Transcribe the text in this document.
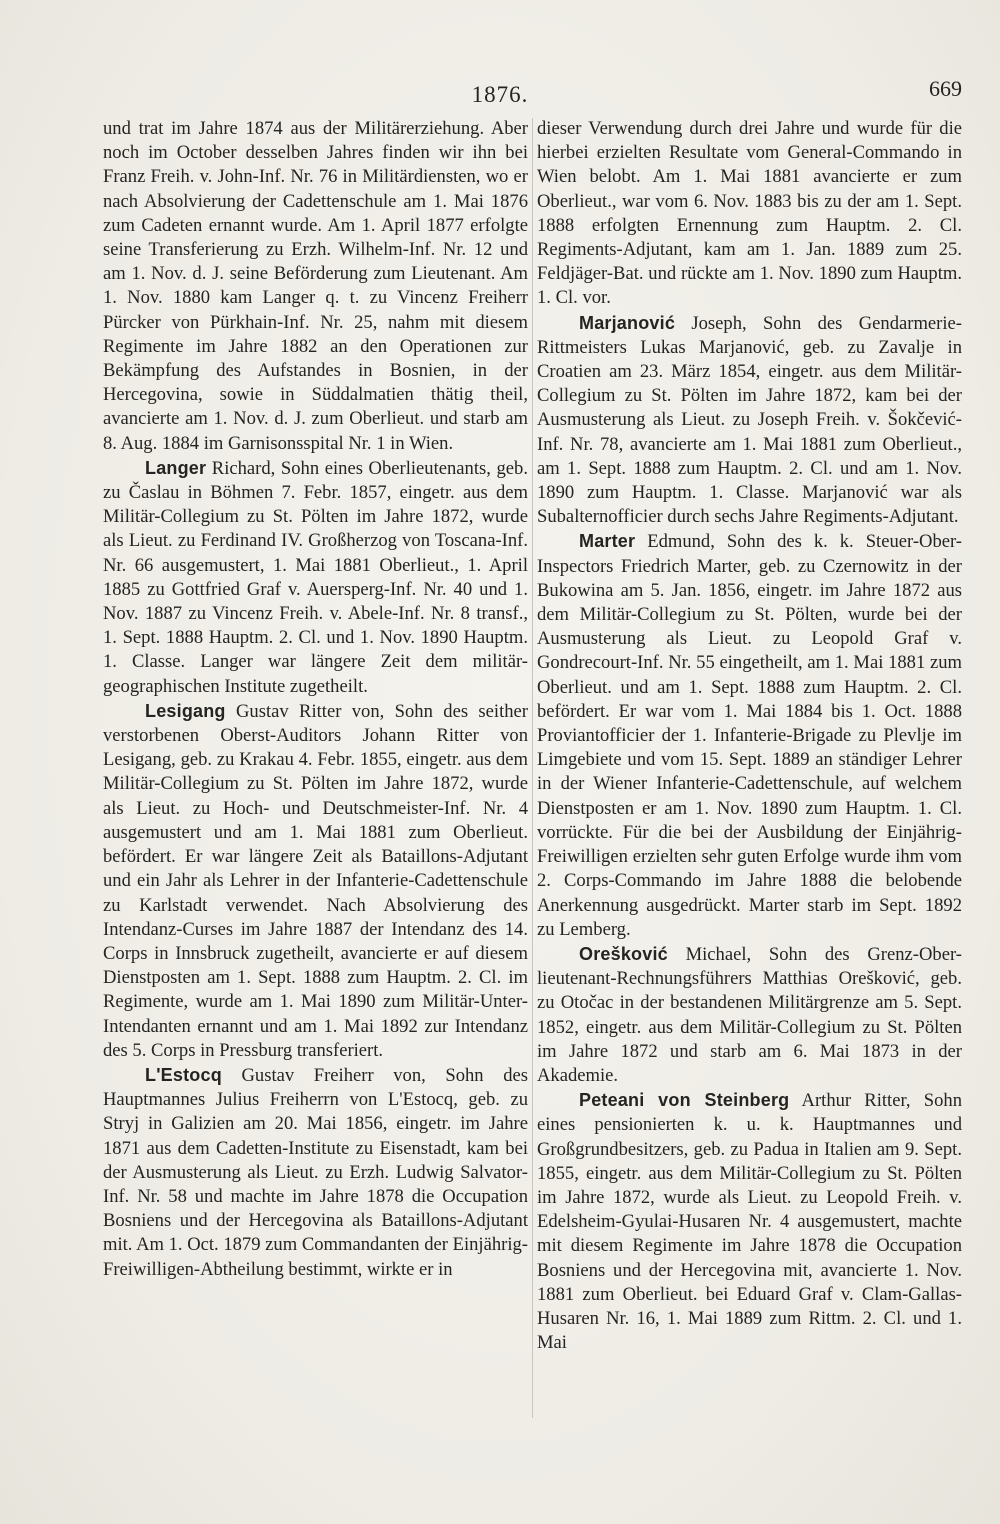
1876.	669

und trat im Jahre 1874 aus der Militärerziehung. Aber noch im October desselben Jahres finden wir ihn bei Franz Freih. v. John-Inf. Nr. 76 in Militärdiensten, wo er nach Absolvierung der Cadettenschule am 1. Mai 1876 zum Cadeten ernannt wurde. Am 1. April 1877 erfolgte seine Transferierung zu Erzh. Wilhelm-Inf. Nr. 12 und am 1. Nov. d. J. seine Beförderung zum Lieutenant. Am 1. Nov. 1880 kam Langer q. t. zu Vincenz Freiherr Pürcker von Pürkhain-Inf. Nr. 25, nahm mit diesem Regimente im Jahre 1882 an den Operationen zur Bekämpfung des Aufstandes in Bosnien, in der Hercegovina, sowie in Süddalmatien thätig theil, avancierte am 1. Nov. d. J. zum Oberlieut. und starb am 8. Aug. 1884 im Garnisonsspital Nr. 1 in Wien.

Langer Richard, Sohn eines Oberlieutenants, geb. zu Časlau in Böhmen 7. Febr. 1857, eingetr. aus dem Militär-Collegium zu St. Pölten im Jahre 1872, wurde als Lieut. zu Ferdinand IV. Großherzog von Toscana-Inf. Nr. 66 ausgemustert, 1. Mai 1881 Oberlieut., 1. April 1885 zu Gottfried Graf v. Auersperg-Inf. Nr. 40 und 1. Nov. 1887 zu Vincenz Freih. v. Abele-Inf. Nr. 8 transf., 1. Sept. 1888 Hauptm. 2. Cl. und 1. Nov. 1890 Hauptm. 1. Classe. Langer war längere Zeit dem militär-geographischen Institute zugetheilt.

Lesigang Gustav Ritter von, Sohn des seither verstorbenen Oberst-Auditors Johann Ritter von Lesigang, geb. zu Krakau 4. Febr. 1855, eingetr. aus dem Militär-Collegium zu St. Pölten im Jahre 1872, wurde als Lieut. zu Hoch- und Deutschmeister-Inf. Nr. 4 ausgemustert und am 1. Mai 1881 zum Oberlieut. befördert. Er war längere Zeit als Bataillons-Adjutant und ein Jahr als Lehrer in der Infanterie-Cadettenschule zu Karlstadt verwendet. Nach Absolvierung des Intendanz-Curses im Jahre 1887 der Intendanz des 14. Corps in Innsbruck zugetheilt, avancierte er auf diesem Dienstposten am 1. Sept. 1888 zum Hauptm. 2. Cl. im Regimente, wurde am 1. Mai 1890 zum Militär-Unter-Intendanten ernannt und am 1. Mai 1892 zur Intendanz des 5. Corps in Pressburg transferiert.

L'Estocq Gustav Freiherr von, Sohn des Hauptmannes Julius Freiherrn von L'Estocq, geb. zu Stryj in Galizien am 20. Mai 1856, eingetr. im Jahre 1871 aus dem Cadetten-Institute zu Eisenstadt, kam bei der Ausmusterung als Lieut. zu Erzh. Ludwig Salvator-Inf. Nr. 58 und machte im Jahre 1878 die Occupation Bosniens und der Hercegovina als Bataillons-Adjutant mit. Am 1. Oct. 1879 zum Commandanten der Einjährig-Freiwilligen-Abtheilung bestimmt, wirkte er in

dieser Verwendung durch drei Jahre und wurde für die hierbei erzielten Resultate vom General-Commando in Wien belobt. Am 1. Mai 1881 avancierte er zum Oberlieut., war vom 6. Nov. 1883 bis zu der am 1. Sept. 1888 erfolgten Ernennung zum Hauptm. 2. Cl. Regiments-Adjutant, kam am 1. Jan. 1889 zum 25. Feldjäger-Bat. und rückte am 1. Nov. 1890 zum Hauptm. 1. Cl. vor.

Marjanović Joseph, Sohn des Gendarmerie-Rittmeisters Lukas Marjanović, geb. zu Zavalje in Croatien am 23. März 1854, eingetr. aus dem Militär-Collegium zu St. Pölten im Jahre 1872, kam bei der Ausmusterung als Lieut. zu Joseph Freih. v. Šokčević-Inf. Nr. 78, avancierte am 1. Mai 1881 zum Oberlieut., am 1. Sept. 1888 zum Hauptm. 2. Cl. und am 1. Nov. 1890 zum Hauptm. 1. Classe. Marjanović war als Subalternofficier durch sechs Jahre Regiments-Adjutant.

Marter Edmund, Sohn des k. k. Steuer-Ober-Inspectors Friedrich Marter, geb. zu Czernowitz in der Bukowina am 5. Jan. 1856, eingetr. im Jahre 1872 aus dem Militär-Collegium zu St. Pölten, wurde bei der Ausmusterung als Lieut. zu Leopold Graf v. Gondrecourt-Inf. Nr. 55 eingetheilt, am 1. Mai 1881 zum Oberlieut. und am 1. Sept. 1888 zum Hauptm. 2. Cl. befördert. Er war vom 1. Mai 1884 bis 1. Oct. 1888 Proviantofficier der 1. Infanterie-Brigade zu Plevlje im Limgebiete und vom 15. Sept. 1889 an ständiger Lehrer in der Wiener Infanterie-Cadettenschule, auf welchem Dienstposten er am 1. Nov. 1890 zum Hauptm. 1. Cl. vorrückte. Für die bei der Ausbildung der Einjährig-Freiwilligen erzielten sehr guten Erfolge wurde ihm vom 2. Corps-Commando im Jahre 1888 die belobende Anerkennung ausgedrückt. Marter starb im Sept. 1892 zu Lemberg.

Orešković Michael, Sohn des Grenz-Ober-lieutenant-Rechnungsführers Matthias Orešković, geb. zu Otočac in der bestandenen Militärgrenze am 5. Sept. 1852, eingetr. aus dem Militär-Collegium zu St. Pölten im Jahre 1872 und starb am 6. Mai 1873 in der Akademie.

Peteani von Steinberg Arthur Ritter, Sohn eines pensionierten k. u. k. Hauptmannes und Großgrundbesitzers, geb. zu Padua in Italien am 9. Sept. 1855, eingetr. aus dem Militär-Collegium zu St. Pölten im Jahre 1872, wurde als Lieut. zu Leopold Freih. v. Edelsheim-Gyulai-Husaren Nr. 4 ausgemustert, machte mit diesem Regimente im Jahre 1878 die Occupation Bosniens und der Hercegovina mit, avancierte 1. Nov. 1881 zum Oberlieut. bei Eduard Graf v. Clam-Gallas-Husaren Nr. 16, 1. Mai 1889 zum Rittm. 2. Cl. und 1. Mai
